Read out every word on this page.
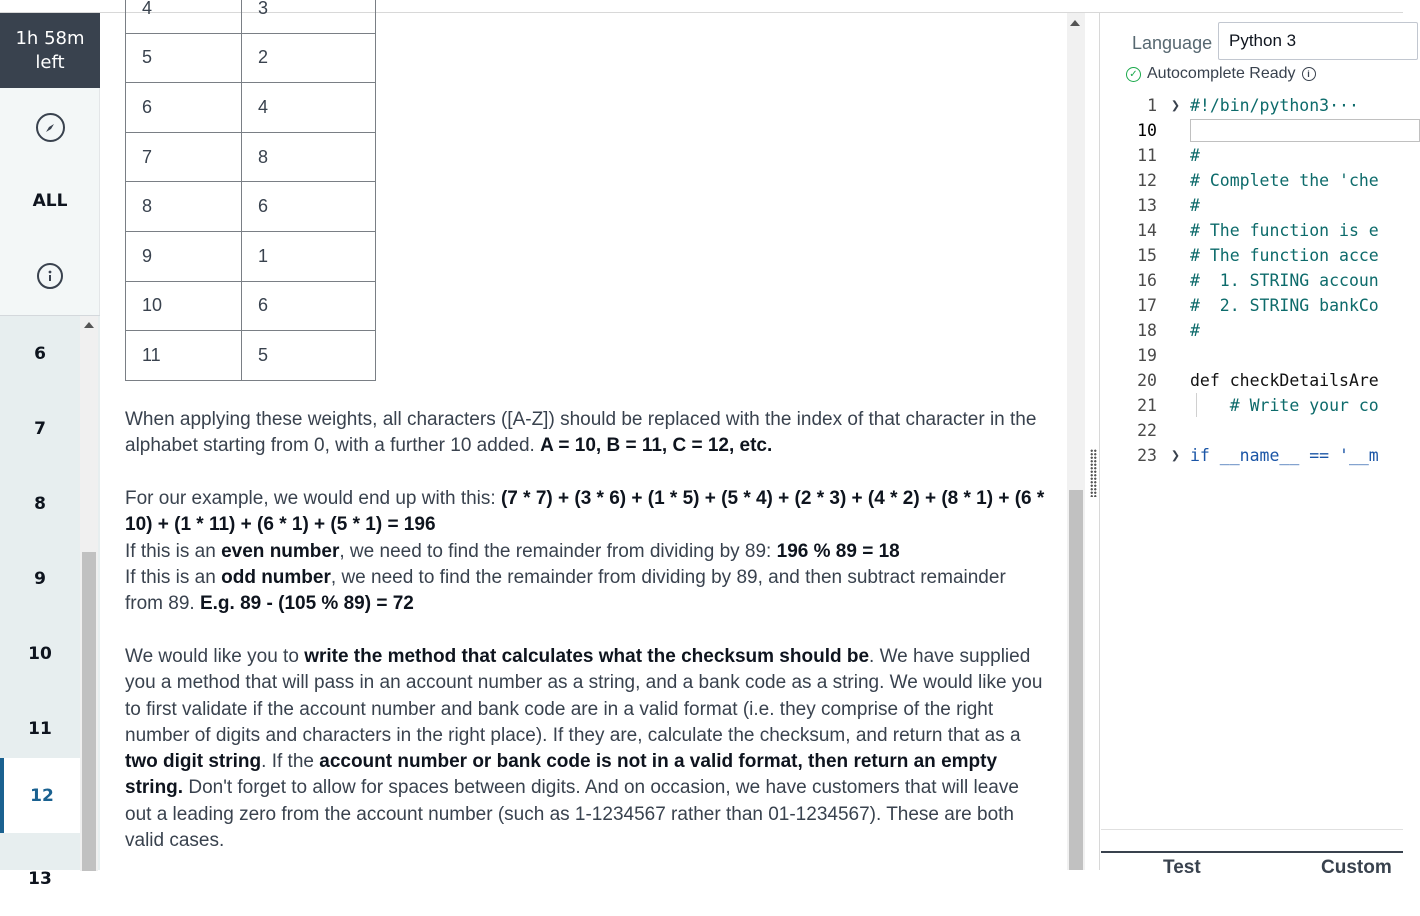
1h 58m
left
ALL
6
7
8
9
10
11
12
13
4	3
5	2
6	4
7	8
8	6
9	1
10	6
11	5

When applying these weights, all characters ([A-Z]) should be replaced with the index of that character in the alphabet starting from 0, with a further 10 added. A = 10, B = 11, C = 12, etc.

For our example, we would end up with this: (7 * 7) + (3 * 6) + (1 * 5) + (5 * 4) + (2 * 3) + (4 * 2) + (8 * 1) + (6 * 10) + (1 * 11) + (6 * 1) + (5 * 1) = 196

If this is an even number, we need to find the remainder from dividing by 89: 196 % 89 = 18

If this is an odd number, we need to find the remainder from dividing by 89, and then subtract remainder from 89. E.g. 89 - (105 % 89) = 72

We would like you to write the method that calculates what the checksum should be. We have supplied you a method that will pass in an account number as a string, and a bank code as a string. We would like you to first validate if the account number and bank code are in a valid format (i.e. they comprise of the right number of digits and characters in the right place). If they are, calculate the checksum, and return that as a two digit string. If the account number or bank code is not in a valid format, then return an empty string. Don't forget to allow for spaces between digits. And on occasion, we have customers that will leave out a leading zero from the account number (such as 1-1234567 rather than 01-1234567). These are both valid cases.

Language Python 3
✓ Autocomplete Ready	i
1 ❯ #!/bin/python3···
10
11 #
12 # Complete the 'che
13 #
14 # The function is e
15 # The function acce
16 #  1. STRING accoun
17 #  2. STRING bankCo
18 #
19
20 def checkDetailsAre
21 # Write your co
22
23 ❯ if __name__ == '__m
Test	Custom
